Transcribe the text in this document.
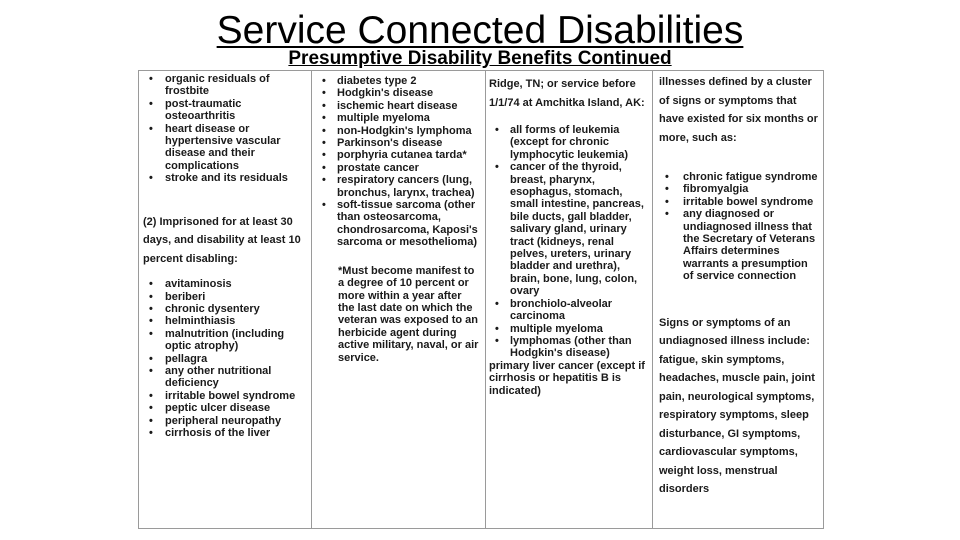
• organic residuals of frostbite
• post-traumatic osteoarthritis
• heart disease or hypertensive vascular disease and their complications
• stroke and its residuals

(2) Imprisoned for at least 30 days, and disability at least 10 percent disabling:

• avitaminosis
• beriberi
• chronic dysentery
• helminthiasis
• malnutrition (including optic atrophy)
• pellagra
• any other nutritional deficiency
• irritable bowel syndrome
• peptic ulcer disease
• peripheral neuropathy
• cirrhosis of the liver
• diabetes type 2
• Hodgkin's disease
• ischemic heart disease
• multiple myeloma
• non-Hodgkin's lymphoma
• Parkinson's disease
• porphyria cutanea tarda*
• prostate cancer
• respiratory cancers (lung, bronchus, larynx, trachea)
• soft-tissue sarcoma (other than osteosarcoma, chondrosarcoma, Kaposi's sarcoma or mesothelioma)

*Must become manifest to a degree of 10 percent or more within a year after the last date on which the veteran was exposed to an herbicide agent during active military, naval, or air service.

Ridge, TN; or service before 1/1/74 at Amchitka Island, AK:

• all forms of leukemia (except for chronic lymphocytic leukemia)
• cancer of the thyroid, breast, pharynx, esophagus, stomach, small intestine, pancreas, bile ducts, gall bladder, salivary gland, urinary tract (kidneys, renal pelves, ureters, urinary bladder and urethra), brain, bone, lung, colon, ovary
• bronchiolo-alveolar carcinoma
• multiple myeloma
• lymphomas (other than Hodgkin's disease)

primary liver cancer (except if cirrhosis or hepatitis B is indicated)

illnesses defined by a cluster of signs or symptoms that have existed for six months or more, such as:

• chronic fatigue syndrome
• fibromyalgia
• irritable bowel syndrome
• any diagnosed or undiagnosed illness that the Secretary of Veterans Affairs determines warrants a presumption of service connection

Signs or symptoms of an undiagnosed illness include: fatigue, skin symptoms, headaches, muscle pain, joint pain, neurological symptoms, respiratory symptoms, sleep disturbance, GI symptoms, cardiovascular symptoms, weight loss, menstrual disorders

Service Connected Disabilities
Presumptive Disability Benefits Continued
